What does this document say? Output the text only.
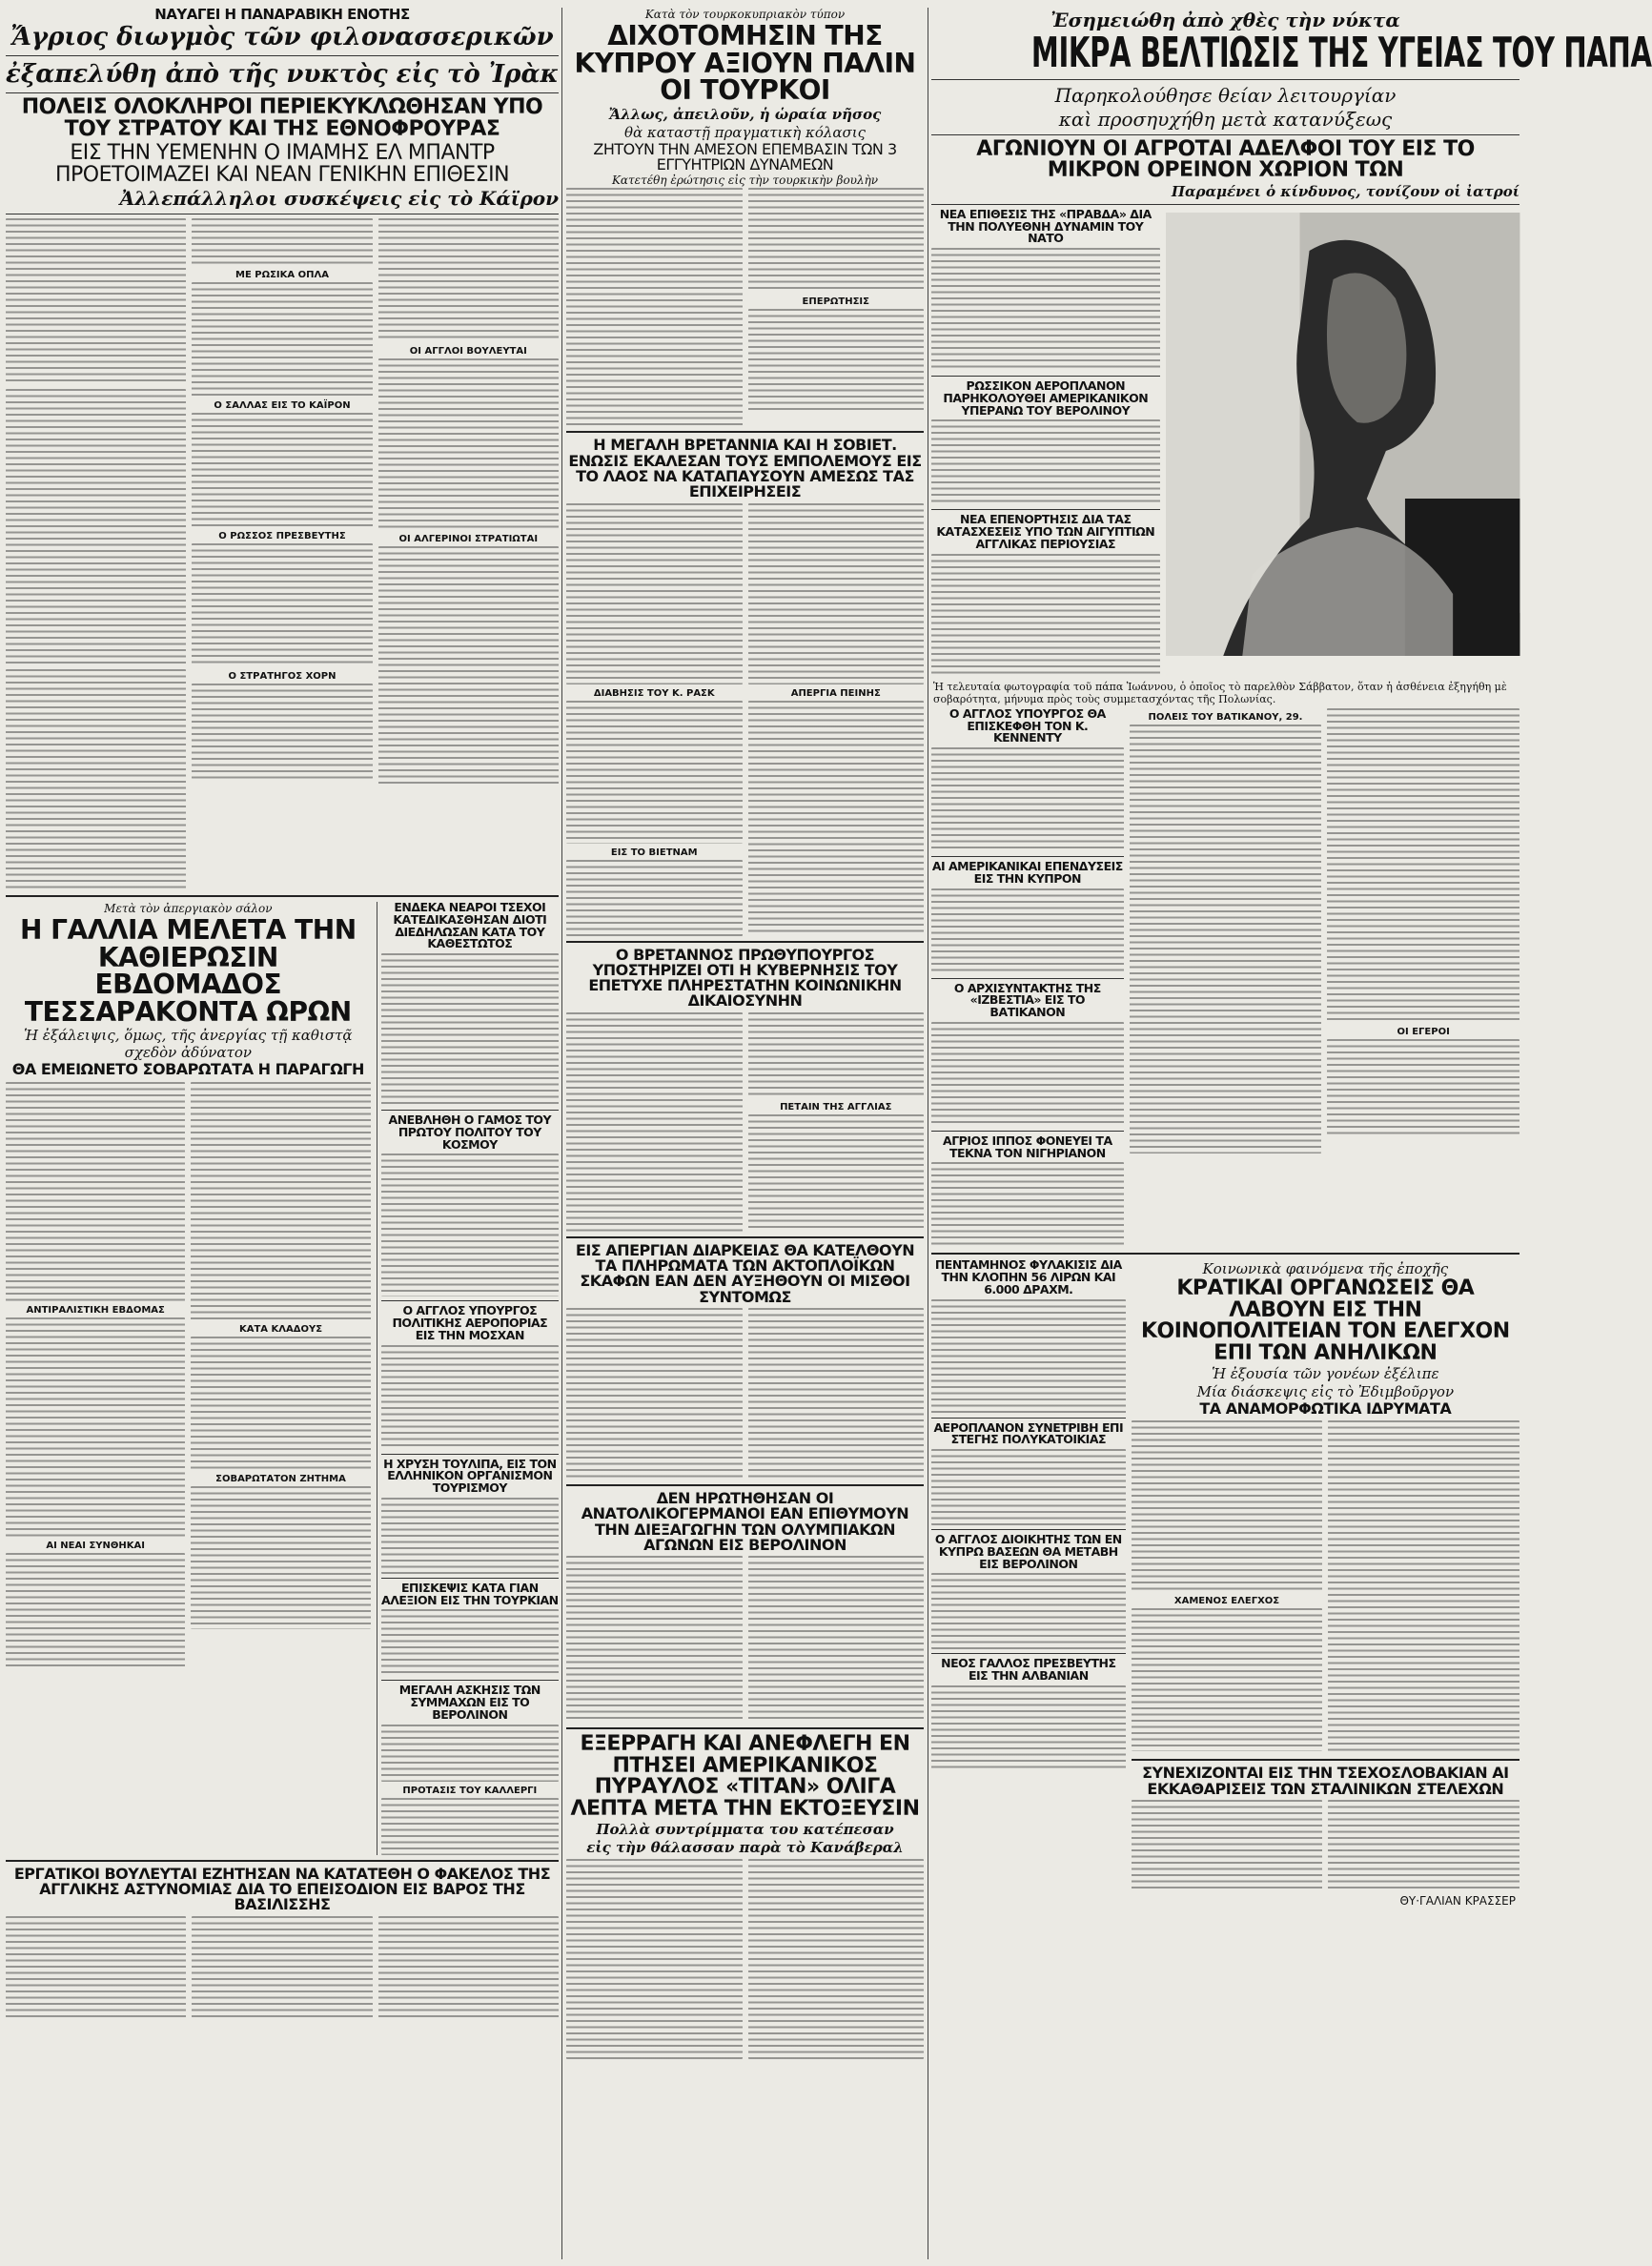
ΝΑΥΑΓΕΙ Η ΠΑΝΑΡΑΒΙΚΗ ΕΝΟΤΗΣ

Ἄγριος διωγμὸς τῶν φιλονασσερικῶν

ἐξαπελύθη ἀπὸ τῆς νυκτὸς εἰς τὸ Ἰρὰκ

ΠΟΛΕΙΣ ΟΛΟΚΛΗΡΟΙ ΠΕΡΙΕΚΥΚΛΩΘΗΣΑΝ ΥΠΟ ΤΟΥ ΣΤΡΑΤΟΥ ΚΑΙ ΤΗΣ ΕΘΝΟΦΡΟΥΡΑΣ

ΕΙΣ ΤΗΝ ΥΕΜΕΝΗΝ Ο ΙΜΑΜΗΣ ΕΛ ΜΠΑΝΤΡ ΠΡΟΕΤΟΙΜΑΖΕΙ ΚΑΙ ΝΕΑΝ ΓΕΝΙΚΗΝ ΕΠΙΘΕΣΙΝ

Ἀλλεπάλληλοι συσκέψεις εἰς τὸ Κάϊρον

ΜΕ ΡΩΣΙΚΑ ΟΠΛΑ

Ο ΣΑΛΛΑΣ ΕΙΣ ΤΟ ΚΑΪΡΟΝ

Ο ΡΩΣΣΟΣ ΠΡΕΣΒΕΥΤΗΣ

Ο ΣΤΡΑΤΗΓΟΣ ΧΟΡΝ

ΟΙ ΑΓΓΛΟΙ ΒΟΥΛΕΥΤΑΙ

ΟΙ ΑΛΓΕΡΙΝΟΙ ΣΤΡΑΤΙΩΤΑΙ

Μετὰ τὸν ἀπεργιακὸν σάλον

Η ΓΑΛΛΙΑ ΜΕΛΕΤΑ ΤΗΝ ΚΑΘΙΕΡΩΣΙΝ ΕΒΔΟΜΑΔΟΣ ΤΕΣΣΑΡΑΚΟΝΤΑ ΩΡΩΝ

Ἡ ἐξάλειψις, ὅμως, τῆς ἀνεργίας τῇ καθιστᾷ σχεδὸν ἀδύνατον

ΘΑ ΕΜΕΙΩΝΕΤΟ ΣΟΒΑΡΩΤΑΤΑ Η ΠΑΡΑΓΩΓΗ

ΑΝΤΙΡΑΛΙΣΤΙΚΗ ΕΒΔΟΜΑΣ

ΑΙ ΝΕΑΙ ΣΥΝΘΗΚΑΙ

ΚΑΤΑ ΚΛΑΔΟΥΣ

ΣΟΒΑΡΩΤΑΤΟΝ ΖΗΤΗΜΑ

ΕΝΔΕΚΑ ΝΕΑΡΟΙ ΤΣΕΧΟΙ ΚΑΤΕΔΙΚΑΣΘΗΣΑΝ ΔΙΟΤΙ ΔΙΕΔΗΛΩΣΑΝ ΚΑΤΑ ΤΟΥ ΚΑΘΕΣΤΩΤΟΣ

ΑΝΕΒΛΗΘΗ Ο ΓΑΜΟΣ ΤΟΥ ΠΡΩΤΟΥ ΠΟΛΙΤΟΥ ΤΟΥ ΚΟΣΜΟΥ

Ο ΑΓΓΛΟΣ ΥΠΟΥΡΓΟΣ ΠΟΛΙΤΙΚΗΣ ΑΕΡΟΠΟΡΙΑΣ ΕΙΣ ΤΗΝ ΜΟΣΧΑΝ

Η ΧΡΥΣΗ ΤΟΥΛΙΠΑ, ΕΙΣ ΤΟΝ ΕΛΛΗΝΙΚΟΝ ΟΡΓΑΝΙΣΜΟΝ ΤΟΥΡΙΣΜΟΥ

ΕΠΙΣΚΕΨΙΣ ΚΑΤΑ ΓΙΑΝ ΑΛΕΞΙΟΝ ΕΙΣ ΤΗΝ ΤΟΥΡΚΙΑΝ

ΜΕΓΑΛΗ ΑΣΚΗΣΙΣ ΤΩΝ ΣΥΜΜΑΧΩΝ ΕΙΣ ΤΟ ΒΕΡΟΛΙΝΟΝ

ΠΡΟΤΑΣΙΣ ΤΟΥ ΚΑΛΛΕΡΓΙ

ΕΡΓΑΤΙΚΟΙ ΒΟΥΛΕΥΤΑΙ ΕΖΗΤΗΣΑΝ ΝΑ ΚΑΤΑΤΕΘΗ Ο ΦΑΚΕΛΟΣ ΤΗΣ ΑΓΓΛΙΚΗΣ ΑΣΤΥΝΟΜΙΑΣ ΔΙΑ ΤΟ ΕΠΕΙΣΟΔΙΟΝ ΕΙΣ ΒΑΡΟΣ ΤΗΣ ΒΑΣΙΛΙΣΣΗΣ

Κατὰ τὸν τουρκοκυπριακὸν τύπον

ΔΙΧΟΤΟΜΗΣΙΝ ΤΗΣ ΚΥΠΡΟΥ ΑΞΙΟΥΝ ΠΑΛΙΝ ΟΙ ΤΟΥΡΚΟΙ

Ἄλλως, ἀπειλοῦν, ἡ ὡραία νῆσος

θὰ καταστῇ πραγματικὴ κόλασις

ΖΗΤΟΥΝ ΤΗΝ ΑΜΕΣΟΝ ΕΠΕΜΒΑΣΙΝ ΤΩΝ 3 ΕΓΓΥΗΤΡΙΩΝ ΔΥΝΑΜΕΩΝ

Κατετέθη ἐρώτησις εἰς τὴν τουρκικὴν βουλὴν

ΕΠΕΡΩΤΗΣΙΣ

Η ΜΕΓΑΛΗ ΒΡΕΤΑΝΝΙΑ ΚΑΙ Η ΣΟΒΙΕΤ. ΕΝΩΣΙΣ ΕΚΑΛΕΣΑΝ ΤΟΥΣ ΕΜΠΟΛΕΜΟΥΣ ΕΙΣ ΤΟ ΛΑΟΣ ΝΑ ΚΑΤΑΠΑΥΣΟΥΝ ΑΜΕΣΩΣ ΤΑΣ ΕΠΙΧΕΙΡΗΣΕΙΣ

ΔΙΑΒΗΣΙΣ ΤΟΥ Κ. ΡΑΣΚ

ΕΙΣ ΤΟ ΒΙΕΤΝΑΜ

ΑΠΕΡΓΙΑ ΠΕΙΝΗΣ

Ο ΒΡΕΤΑΝΝΟΣ ΠΡΩΘΥΠΟΥΡΓΟΣ ΥΠΟΣΤΗΡΙΖΕΙ ΟΤΙ Η ΚΥΒΕΡΝΗΣΙΣ ΤΟΥ ΕΠΕΤΥΧΕ ΠΛΗΡΕΣΤΑΤΗΝ ΚΟΙΝΩΝΙΚΗΝ ΔΙΚΑΙΟΣΥΝΗΝ

ΠΕΤΑΙΝ ΤΗΣ ΑΓΓΛΙΑΣ

ΕΙΣ ΑΠΕΡΓΙΑΝ ΔΙΑΡΚΕΙΑΣ ΘΑ ΚΑΤΕΛΘΟΥΝ ΤΑ ΠΛΗΡΩΜΑΤΑ ΤΩΝ ΑΚΤΟΠΛΟΪΚΩΝ ΣΚΑΦΩΝ ΕΑΝ ΔΕΝ ΑΥΞΗΘΟΥΝ ΟΙ ΜΙΣΘΟΙ ΣΥΝΤΟΜΩΣ

ΔΕΝ ΗΡΩΤΗΘΗΣΑΝ ΟΙ ΑΝΑΤΟΛΙΚΟΓΕΡΜΑΝΟΙ ΕΑΝ ΕΠΙΘΥΜΟΥΝ ΤΗΝ ΔΙΕΞΑΓΩΓΗΝ ΤΩΝ ΟΛΥΜΠΙΑΚΩΝ ΑΓΩΝΩΝ ΕΙΣ ΒΕΡΟΛΙΝΟΝ

ΕΞΕΡΡΑΓΗ ΚΑΙ ΑΝΕΦΛΕΓΗ ΕΝ ΠΤΗΣΕΙ ΑΜΕΡΙΚΑΝΙΚΟΣ ΠΥΡΑΥΛΟΣ «ΤΙΤΑΝ» ΟΛΙΓΑ ΛΕΠΤΑ ΜΕΤΑ ΤΗΝ ΕΚΤΟΞΕΥΣΙΝ

Πολλὰ συντρίμματα του κατέπεσαν

εἰς τὴν θάλασσαν παρὰ τὸ Κανάβεραλ

Ἐσημειώθη ἀπὸ χθὲς τὴν νύκτα

ΜΙΚΡΑ ΒΕΛΤΙΩΣΙΣ ΤΗΣ ΥΓΕΙΑΣ ΤΟΥ ΠΑΠΑ

Παρηκολούθησε θείαν λειτουργίαν

καὶ προσηυχήθη μετὰ κατανύξεως

ΑΓΩΝΙΟΥΝ ΟΙ ΑΓΡΟΤΑΙ ΑΔΕΛΦΟΙ ΤΟΥ ΕΙΣ ΤΟ ΜΙΚΡΟΝ ΟΡΕΙΝΟΝ ΧΩΡΙΟΝ ΤΩΝ

Παραμένει ὁ κίνδυνος, τονίζουν οἱ ἰατροί

ΝΕΑ ΕΠΙΘΕΣΙΣ ΤΗΣ «ΠΡΑΒΔΑ» ΔΙΑ ΤΗΝ ΠΟΛΥΕΘΝΗ ΔΥΝΑΜΙΝ ΤΟΥ ΝΑΤΟ

ΡΩΣΣΙΚΟΝ ΑΕΡΟΠΛΑΝΟΝ ΠΑΡΗΚΟΛΟΥΘΕΙ ΑΜΕΡΙΚΑΝΙΚΟΝ ΥΠΕΡΑΝΩ ΤΟΥ ΒΕΡΟΛΙΝΟΥ

ΝΕΑ ΕΠΕΝΟΡΤΗΣΙΣ ΔΙΑ ΤΑΣ ΚΑΤΑΣΧΕΣΕΙΣ ΥΠΟ ΤΩΝ ΑΙΓΥΠΤΙΩΝ ΑΓΓΛΙΚΑΣ ΠΕΡΙΟΥΣΙΑΣ

Ἡ τελευταία φωτογραφία τοῦ πάπα Ἰωάννου, ὁ ὁποῖος τὸ παρελθὸν Σάββατον, ὅταν ἡ ἀσθένεια ἐξηγήθη μὲ σοβαρότητα, μήνυμα πρὸς τοὺς συμμετασχόντας τῆς Πολωνίας.

Ο ΑΓΓΛΟΣ ΥΠΟΥΡΓΟΣ ΘΑ ΕΠΙΣΚΕΦΘΗ ΤΟΝ Κ. ΚΕΝΝΕΝΤΥ

ΑΙ ΑΜΕΡΙΚΑΝΙΚΑΙ ΕΠΕΝΔΥΣΕΙΣ ΕΙΣ ΤΗΝ ΚΥΠΡΟΝ

Ο ΑΡΧΙΣΥΝΤΑΚΤΗΣ ΤΗΣ «ΙΖΒΕΣΤΙΑ» ΕΙΣ ΤΟ ΒΑΤΙΚΑΝΟΝ

ΑΓΡΙΟΣ ΙΠΠΟΣ ΦΟΝΕΥΕΙ ΤΑ ΤΕΚΝΑ ΤΟΝ ΝΙΓΗΡΙΑΝΟΝ

ΠΟΛΕΙΣ ΤΟΥ ΒΑΤΙΚΑΝΟΥ, 29.

ΟΙ ΕΓΕΡΟΙ

ΠΕΝΤΑΜΗΝΟΣ ΦΥΛΑΚΙΣΙΣ ΔΙΑ ΤΗΝ ΚΛΟΠΗΝ 56 ΛΙΡΩΝ ΚΑΙ 6.000 ΔΡΑΧΜ.

ΑΕΡΟΠΛΑΝΟΝ ΣΥΝΕΤΡΙΒΗ ΕΠΙ ΣΤΕΓΗΣ ΠΟΛΥΚΑΤΟΙΚΙΑΣ

Ο ΑΓΓΛΟΣ ΔΙΟΙΚΗΤΗΣ ΤΩΝ ΕΝ ΚΥΠΡΩ ΒΑΣΕΩΝ ΘΑ ΜΕΤΑΒΗ ΕΙΣ ΒΕΡΟΛΙΝΟΝ

ΝΕΟΣ ΓΑΛΛΟΣ ΠΡΕΣΒΕΥΤΗΣ ΕΙΣ ΤΗΝ ΑΛΒΑΝΙΑΝ

Κοινωνικὰ φαινόμενα τῆς ἐποχῆς

ΚΡΑΤΙΚΑΙ ΟΡΓΑΝΩΣΕΙΣ ΘΑ ΛΑΒΟΥΝ ΕΙΣ ΤΗΝ ΚΟΙΝΟΠΟΛΙΤΕΙΑΝ ΤΟΝ ΕΛΕΓΧΟΝ ΕΠΙ ΤΩΝ ΑΝΗΛΙΚΩΝ

Ἡ ἐξουσία τῶν γονέων ἐξέλιπε

Μία διάσκεψις εἰς τὸ Ἐδιμβοῦργον

ΤΑ ΑΝΑΜΟΡΦΩΤΙΚΑ ΙΔΡΥΜΑΤΑ

ΧΑΜΕΝΟΣ ΕΛΕΓΧΟΣ

ΣΥΝΕΧΙΖΟΝΤΑΙ ΕΙΣ ΤΗΝ ΤΣΕΧΟΣΛΟΒΑΚΙΑΝ ΑΙ ΕΚΚΑΘΑΡΙΣΕΙΣ ΤΩΝ ΣΤΑΛΙΝΙΚΩΝ ΣΤΕΛΕΧΩΝ

ΘΥ·ΓΑΛΙΑΝ ΚΡΑΣΣΕΡ
